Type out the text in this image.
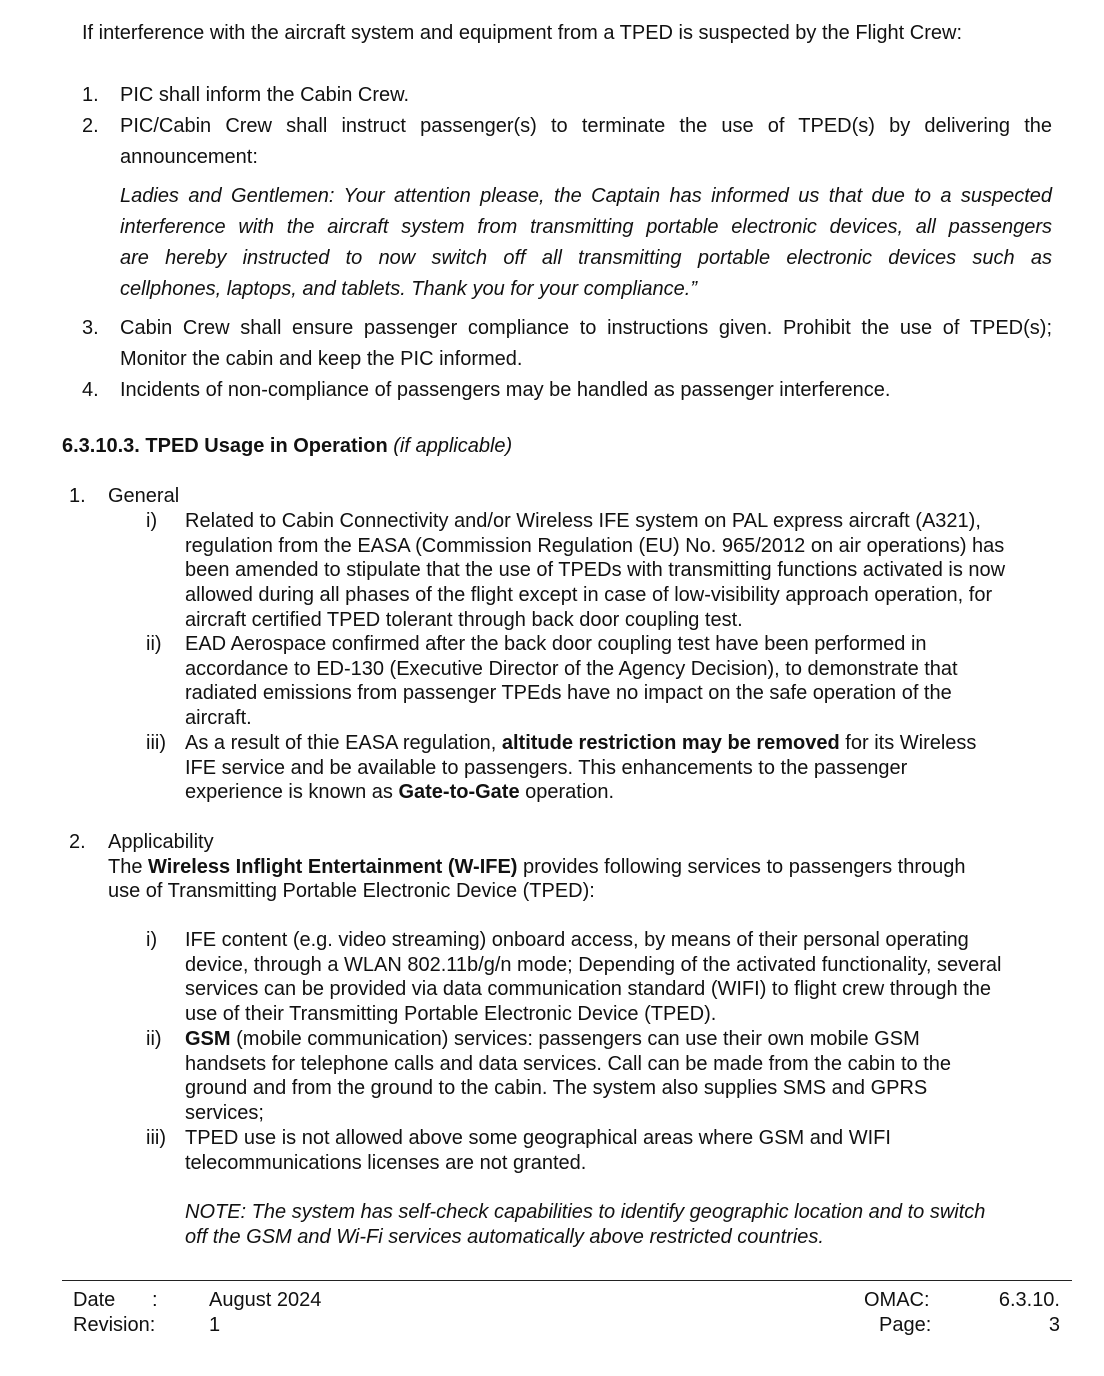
If interference with the aircraft system and equipment from a TPED is suspected by the Flight Crew:
1. PIC shall inform the Cabin Crew.
2. PIC/Cabin Crew shall instruct passenger(s) to terminate the use of TPED(s) by delivering the
announcement:
Ladies and Gentlemen: Your attention please, the Captain has informed us that due to a suspected
interference with the aircraft system from transmitting portable electronic devices, all passengers
are hereby instructed to now switch off all transmitting portable electronic devices such as
cellphones, laptops, and tablets. Thank you for your compliance.”
3. Cabin Crew shall ensure passenger compliance to instructions given. Prohibit the use of TPED(s);
Monitor the cabin and keep the PIC informed.
4. Incidents of non-compliance of passengers may be handled as passenger interference.
6.3.10.3. TPED Usage in Operation (if applicable)
1. General
i) Related to Cabin Connectivity and/or Wireless IFE system on PAL express aircraft (A321),
regulation from the EASA (Commission Regulation (EU) No. 965/2012 on air operations) has
been amended to stipulate that the use of TPEDs with transmitting functions activated is now
allowed during all phases of the flight except in case of low-visibility approach operation, for
aircraft certified TPED tolerant through back door coupling test.
ii) EAD Aerospace confirmed after the back door coupling test have been performed in
accordance to ED-130 (Executive Director of the Agency Decision), to demonstrate that
radiated emissions from passenger TPEds have no impact on the safe operation of the
aircraft.
iii) As a result of thie EASA regulation, altitude restriction may be removed for its Wireless
IFE service and be available to passengers. This enhancements to the passenger
experience is known as Gate-to-Gate operation.
2. Applicability
The Wireless Inflight Entertainment (W-IFE) provides following services to passengers through
use of Transmitting Portable Electronic Device (TPED):
i) IFE content (e.g. video streaming) onboard access, by means of their personal operating
device, through a WLAN 802.11b/g/n mode; Depending of the activated functionality, several
services can be provided via data communication standard (WIFI) to flight crew through the
use of their Transmitting Portable Electronic Device (TPED).
ii) GSM (mobile communication) services: passengers can use their own mobile GSM
handsets for telephone calls and data services. Call can be made from the cabin to the
ground and from the ground to the cabin. The system also supplies SMS and GPRS
services;
iii) TPED use is not allowed above some geographical areas where GSM and WIFI
telecommunications licenses are not granted.
NOTE: The system has self-check capabilities to identify geographic location and to switch
off the GSM and Wi-Fi services automatically above restricted countries.
Date :	August 2024
Revision:	1
OMAC:	6.3.10.
Page:	3
